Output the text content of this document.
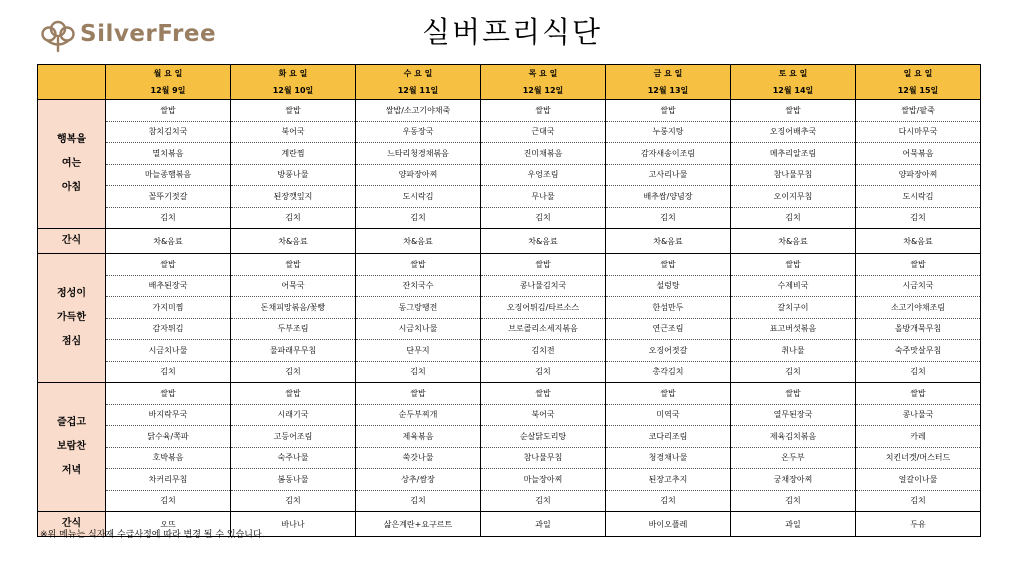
SilverFree	실버프리식단
	월 요 일	화 요 일	수 요 일	목 요 일	금 요 일	토 요 일	일 요 일
	12월 9일	12월 10일	12월 11일	12월 12일	12월 13일	12월 14일	12월 15일

행복을
여는
아침	쌀밥	쌀밥	쌀밥/소고기야채죽	쌀밥	쌀밥	쌀밥	쌀밥/팥죽
	참치김치국	북어국	우동장국	근대국	누룽지탕	오징어배추국	다시마무국
	멸치볶음	계란찜	느타리청경채볶음	진미채볶음	감자새송이조림	메추리알조림	어묵볶음
	마늘종햄볶음	방풍나물	양파장아찌	우엉조림	고사리나물	참나물무침	양파장아찌
	꼴뚜기젓갈	된장깻잎지	도시락김	무나물	배추쌈/양념장	오이지무침	도시락김
	김치	김치	김치	김치	김치	김치	김치

간식	차&음료	차&음료	차&음료	차&음료	차&음료	차&음료	차&음료

정성이
가득한
점심	쌀밥	쌀밥	쌀밥	쌀밥	쌀밥	쌀밥	쌀밥
	배추된장국	어묵국	잔치국수	콩나물김치국	설렁탕	수제비국	시금치국
	가지미찜	돈채피망볶음/꽃빵	동그랑땡전	오징어튀김/타르소스	한섬만두	갈치구이	소고기야채조림
	감자튀김	두부조림	시금치나물	브로콜리소세지볶음	연근조림	표고버섯볶음	올방개묵무침
	시금치나물	물파래무무침	단무지	김치전	오징어젓갈	취나물	숙주맛살무침
	김치	김치	김치	김치	총각김치	김치	김치

즐겁고
보람찬
저녁	쌀밥	쌀밥	쌀밥	쌀밥	쌀밥	쌀밥	쌀밥
	바지락무국	시래기국	순두부찌개	북어국	미역국	열무된장국	콩나물국
	닭수육/쪽파	고등어조림	제육볶음	순살닭도리탕	코다리조림	제육김치볶음	카레
	호박볶음	숙주나물	쑥갓나물	참나물무침	청경채나물	온두부	치킨너겟/머스터드
	차커리무침	봄동나물	상추/쌈장	마늘장아찌	된장고추지	궁채장아찌	얼갈이나물
	김치	김치	김치	김치	김치	김치	김치

간식	오뜨	바나나	삶은계란+요구르트	과일	바이오플레	과일	두유
※위 메뉴는 식자재 수급사정에 따라 변경 될 수 있습니다.
